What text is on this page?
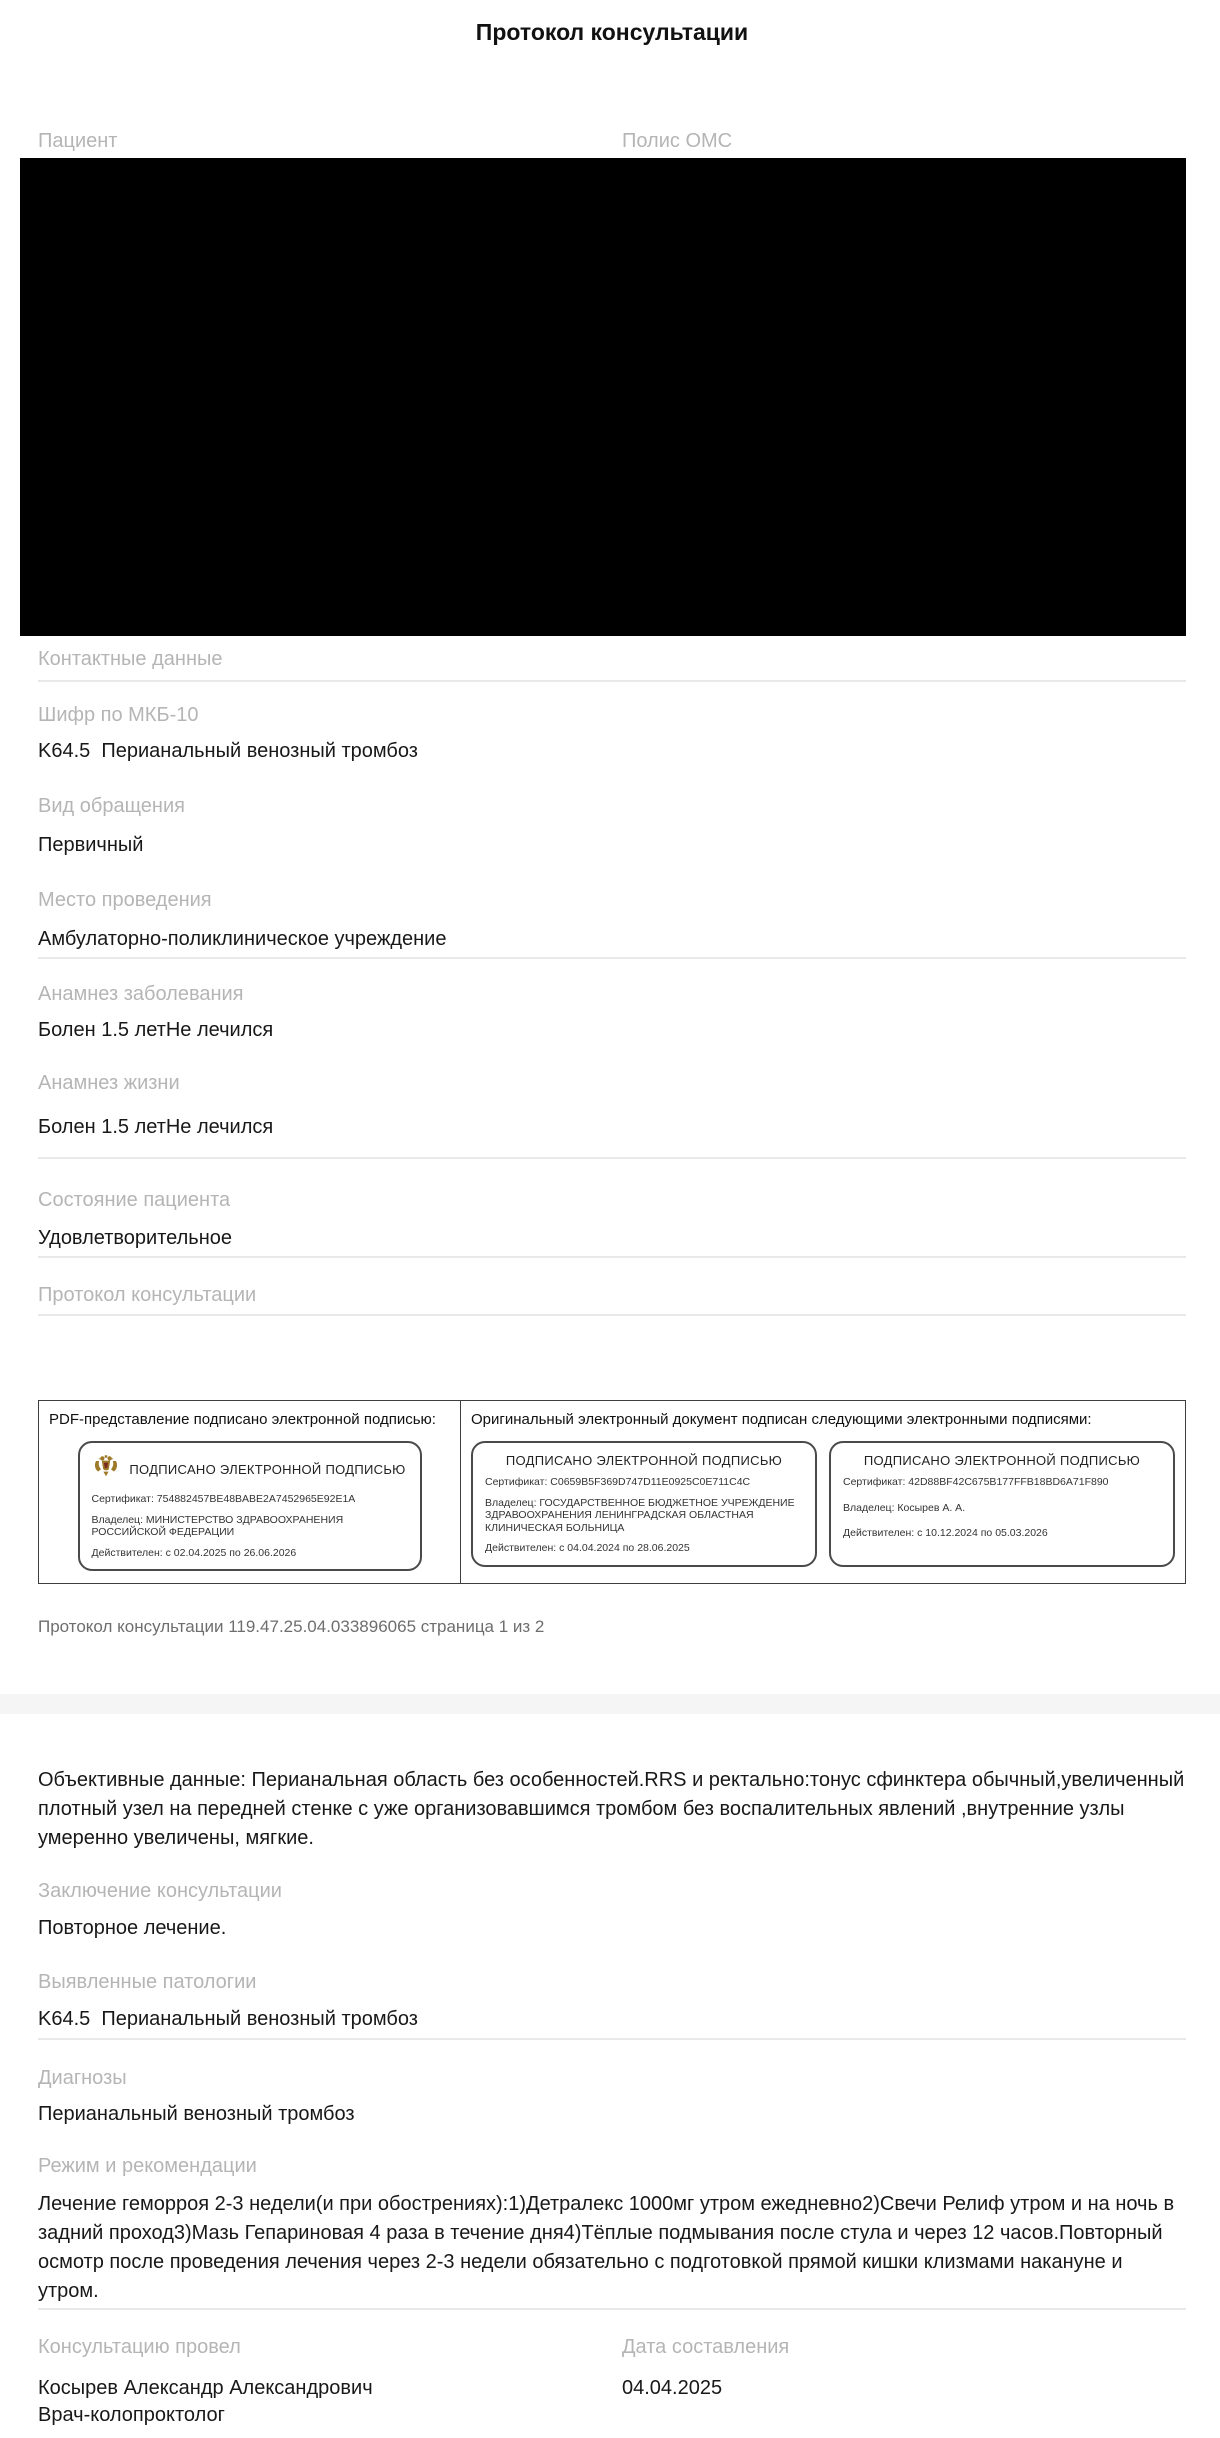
Протокол консультации
Пациент	Полис ОМС
Контактные данные
Шифр по МКБ-10
K64.5  Перианальный венозный тромбоз
Вид обращения
Первичный
Место проведения
Амбулаторно-поликлиническое учреждение
Анамнез заболевания
Болен 1.5 летНе лечился
Анамнез жизни
Болен 1.5 летНе лечился
Состояние пациента
Удовлетворительное
Протокол консультации
PDF-представление подписано электронной подписью:
ПОДПИСАНО ЭЛЕКТРОННОЙ ПОДПИСЬЮ
Сертификат: 754882457BE48BABE2A7452965E92E1A
Владелец: МИНИСТЕРСТВО ЗДРАВООХРАНЕНИЯ РОССИЙСКОЙ ФЕДЕРАЦИИ
Действителен: с 02.04.2025 по 26.06.2026
Оригинальный электронный документ подписан следующими электронными подписями:
ПОДПИСАНО ЭЛЕКТРОННОЙ ПОДПИСЬЮ
Сертификат: C0659B5F369D747D11E0925C0E711C4C
Владелец: ГОСУДАРСТВЕННОЕ БЮДЖЕТНОЕ УЧРЕЖДЕНИЕ ЗДРАВООХРАНЕНИЯ ЛЕНИНГРАДСКАЯ ОБЛАСТНАЯ КЛИНИЧЕСКАЯ БОЛЬНИЦА
Действителен: с 04.04.2024 по 28.06.2025
ПОДПИСАНО ЭЛЕКТРОННОЙ ПОДПИСЬЮ
Сертификат: 42D88BF42C675B177FFB18BD6A71F890
Владелец: Косырев А. А.
Действителен: с 10.12.2024 по 05.03.2026
Протокол консультации 119.47.25.04.033896065 страница 1 из 2
Объективные данные: Перианальная область без особенностей.RRS и ректально:тонус сфинктера обычный,увеличенный плотный узел на передней стенке с уже организовавшимся тромбом без воспалительных явлений ,внутренние узлы умеренно увеличены, мягкие.
Заключение консультации
Повторное лечение.
Выявленные патологии
K64.5  Перианальный венозный тромбоз
Диагнозы
Перианальный венозный тромбоз
Режим и рекомендации
Лечение геморроя 2-3 недели(и при обострениях):1)Детралекс 1000мг утром ежедневно2)Свечи Релиф утром и на ночь в задний проход3)Мазь Гепариновая 4 раза в течение дня4)Тёплые подмывания после стула и через 12 часов.Повторный осмотр после проведения лечения через 2-3 недели обязательно с подготовкой прямой кишки клизмами накануне и утром.
Консультацию провел	Дата составления
Косырев Александр Александрович
Врач-колопроктолог
04.04.2025
